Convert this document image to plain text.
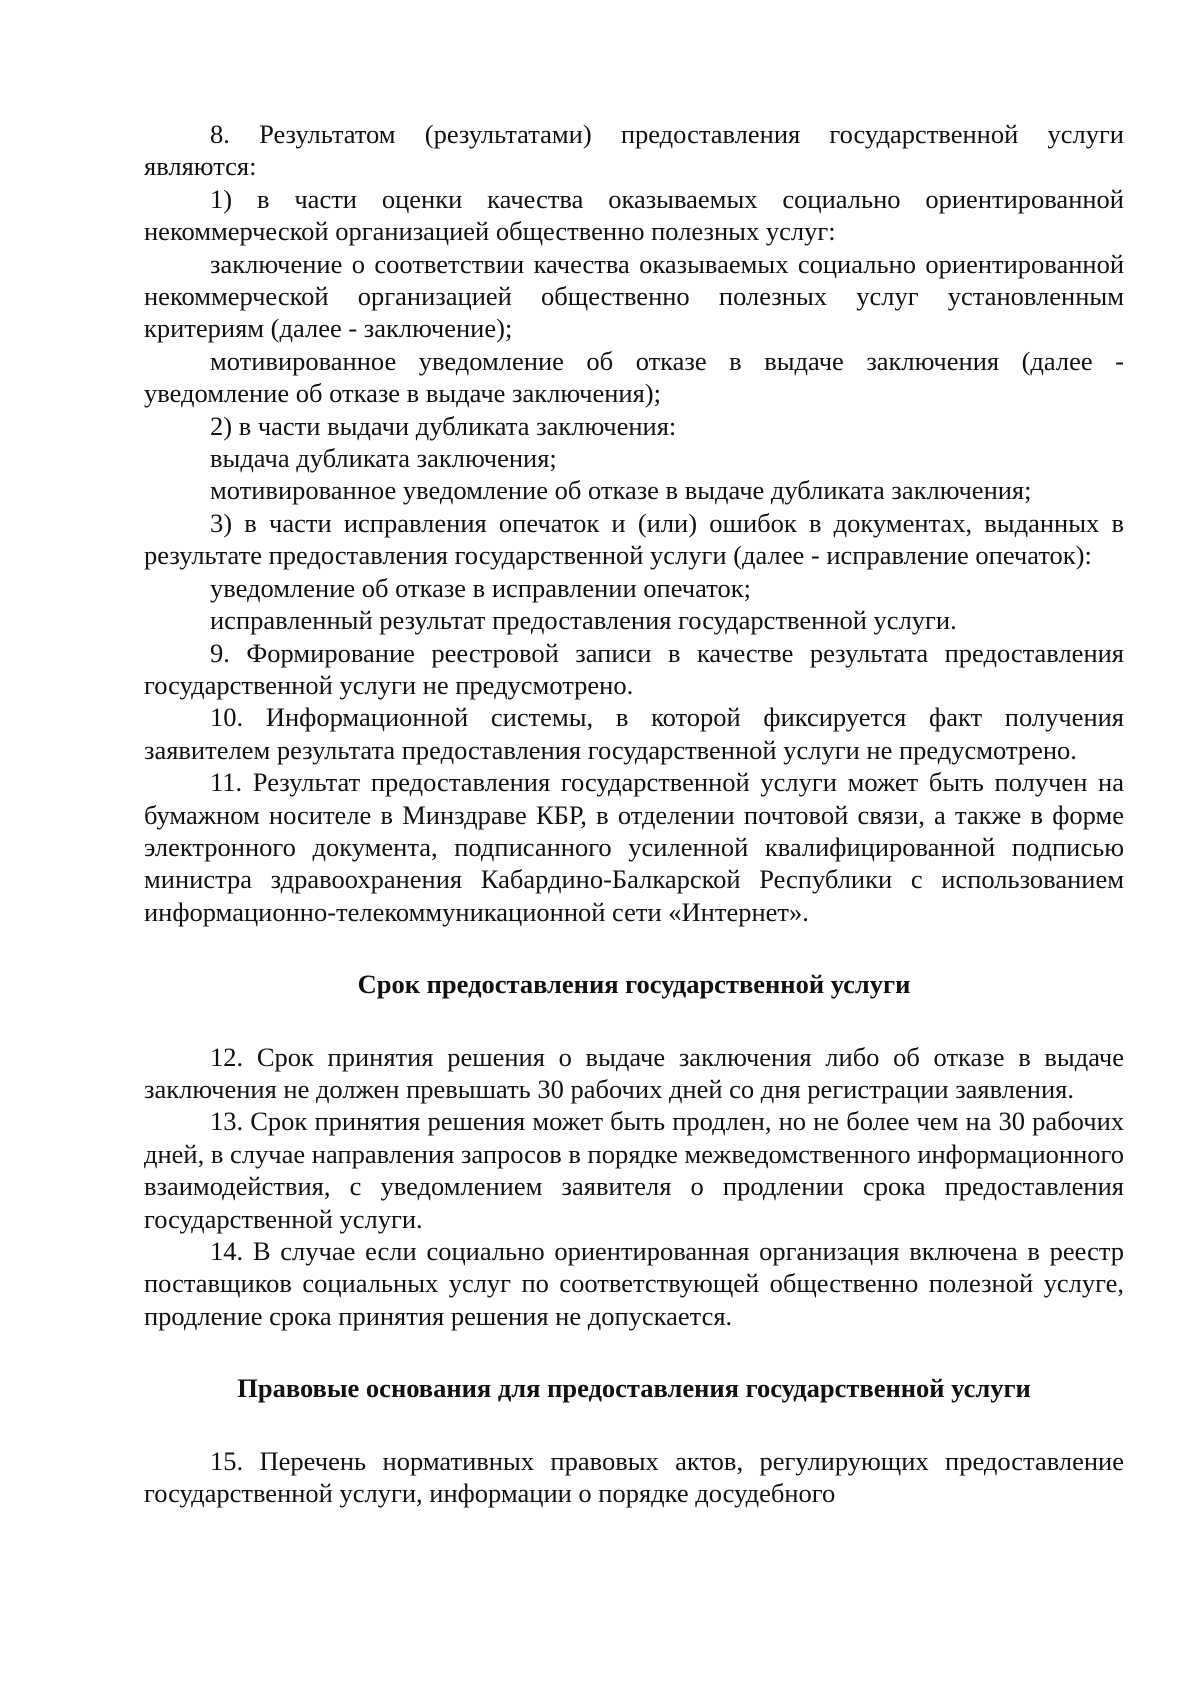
8. Результатом (результатами) предоставления государственной услуги являются:

1) в части оценки качества оказываемых социально ориентированной некоммерческой организацией общественно полезных услуг:

заключение о соответствии качества оказываемых социально ориентированной некоммерческой организацией общественно полезных услуг установленным критериям (далее - заключение);

мотивированное уведомление об отказе в выдаче заключения (далее - уведомление об отказе в выдаче заключения);

2) в части выдачи дубликата заключения:

выдача дубликата заключения;

мотивированное уведомление об отказе в выдаче дубликата заключения;

3) в части исправления опечаток и (или) ошибок в документах, выданных в результате предоставления государственной услуги (далее - исправление опечаток):

уведомление об отказе в исправлении опечаток;

исправленный результат предоставления государственной услуги.

9. Формирование реестровой записи в качестве результата предоставления государственной услуги не предусмотрено.

10. Информационной системы, в которой фиксируется факт получения заявителем результата предоставления государственной услуги не предусмотрено.

11. Результат предоставления государственной услуги может быть получен на бумажном носителе в Минздраве КБР, в отделении почтовой связи, а также в форме электронного документа, подписанного усиленной квалифицированной подписью министра здравоохранения Кабардино-Балкарской Республики с использованием информационно-телекоммуникационной сети «Интернет».

Срок предоставления государственной услуги

12. Срок принятия решения о выдаче заключения либо об отказе в выдаче заключения не должен превышать 30 рабочих дней со дня регистрации заявления.

13. Срок принятия решения может быть продлен, но не более чем на 30 рабочих дней, в случае направления запросов в порядке межведомственного информационного взаимодействия, с уведомлением заявителя о продлении срока предоставления государственной услуги.

14. В случае если социально ориентированная организация включена в реестр поставщиков социальных услуг по соответствующей общественно полезной услуге, продление срока принятия решения не допускается.

Правовые основания для предоставления государственной услуги

15. Перечень нормативных правовых актов, регулирующих предоставление государственной услуги, информации о порядке досудебного
